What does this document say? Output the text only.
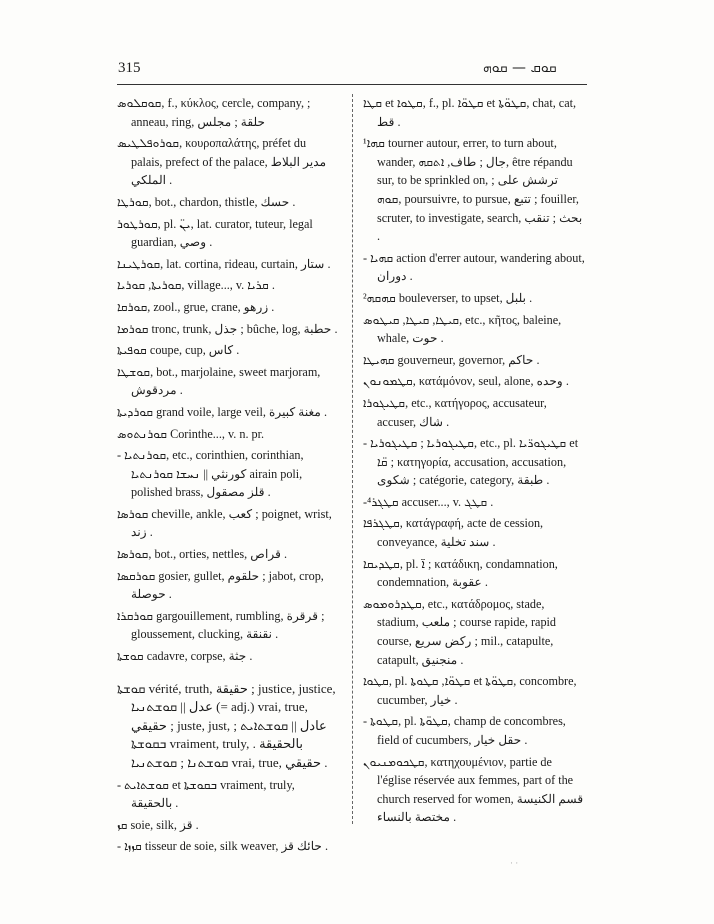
315	ܩܘܩ — ܩܘܗ

ܩܘܩܠܘܣ, f., κύκλος, cercle, company, ; anneau, ring, حلقة ; مجلس

ܩܘܪܘܦܠܛܝܣ, κουροπαλάτης, préfet du palais, prefect of the palace, مدير البلاط الملكي .

ܩܘܪܛܐ, bot., chardon, thistle, حسك .

ܩܘܪܛܘܪ, pl. ܝܢ̈, lat. curator, tuteur, legal guardian, وصي .

ܩܘܪܛܝܢܐ, lat. cortina, rideau, curtain, ستار .

ܩܘܪܝܬܐ, ܩܘܪܝܐ, village..., v. ܩܪܝܐ .

ܩܘܪܩܐ, zool., grue, crane, زرهو .

ܩܘܪܡܐ tronc, trunk, جذل ; bûche, log, حطبة .

ܩܘܦܝܬܐ coupe, cup, كاس .

ܩܘܫܛܐ, bot., marjolaine, sweet marjoram, مردقوش .

ܩܘܪܕܝܬܐ grand voile, large veil, مغنة كبيرة .

ܩܘܪܢܬܘܣ Corinthe..., v. n. pr.

- ܩܘܪܢܬܝܐ, etc., corinthien, corinthian, كورنثي || ܢܚܫܐ ܩܘܪܢܬܝܐ airain poli, polished brass, قلز مصقول .

ܩܘܪܣܐ cheville, ankle, كعب ; poignet, wrist, زند .

ܩܘܪܣܐ, bot., orties, nettles, قراص .

ܩܘܪܩܣܐ gosier, gullet, حلقوم ; jabot, crop, حوصلة .

ܩܘܪܩܪܐ gargouillement, rumbling, قرقرة ; gloussement, clucking, نقنقة .

ܩܘܫܬܐ cadavre, corpse, جثة .

ܩܘܫܬܐ vérité, truth, حقيقة ; justice, justice, عدل || ܩܘܫܬܢܝܐ (= adj.) vrai, true, حقيقي ; juste, just, عادل || ܩܘܫܬܐܝܬ ; ܒܩܘܫܬܐ vraiment, truly, بالحقيقة . ܩܘܫܬܢܐ ; ܩܘܫܬܢܝܐ vrai, true, حقيقي .

- ܩܘܫܬܐܝܬ et ܒܩܘܫܬܐ vraiment, truly, بالحقيقة .

ܩܙ soie, silk, قز .

- ܩܙܙܐ tisseur de soie, silk weaver, حائك قز .

ܩܛܐ et ܩܛܘܐ, f., pl. ܩܛܘ̈ܐ et ܩܛܘ̈ܬܐ, chat, cat, قط .

¹ܩܗܐ tourner autour, errer, to turn about, wander, جال ; طاف, ܐܬܩܗ, être répandu sur, to be sprinkled on, ترشش على ; ܩܘܗ, poursuivre, to pursue, تتبع ; fouiller, scruter, to investigate, search, بحث ; تنقب .

- ܩܗܝܐ action d'errer autour, wandering about, دوران .

²ܩܗܩܗ bouleverser, to upset, بلبل .

ܩܝܛܐ, ܩܝܛܐ, ܩܝܛܘܣ, etc., κῆτος, baleine, whale, حوت .

ܩܗܝܛܐ gouverneur, governor, حاكم .

ܩܛܡܘܢܘܢ, κατάμόνον, seul, alone, وحده .

ܩܛܝܓܘܪܐ, etc., κατήγορος, accusateur, accuser, شاك .

- ܩܛܝܓܘܪܝܐ ; ܩܛܝܓܘܪܝܐ, etc., pl. ܩܛܝܓܘܪ̈ܝܐ et ܩ̈ܐ ; κατηγορία, accusation, accusation, شكوى ; catégorie, category, طبقة .

-⁴ܩܛܓܪ accuser..., v. ܩܛܓ .

ܩܛܓܪܦܐ, κατάγραφή, acte de cession, conveyance, سند تخلية .

ܩܛܕܝܩܐ, pl. ܐ̈ ; κατάδικη, condamnation, condemnation, عقوبة .

ܩܛܕܪܘܡܘܣ, etc., κατάδρομος, stade, stadium, ملعب ; course rapide, rapid course, ركض سريع ; mil., catapulte, catapult, منجنيق .

ܩܛܘܐ, pl. ܩܛܘ̈ܐ, ܩܛܘܬܐ et ܩܛܘ̈ܬܐ, concombre, cucumber, خيار .

- ܩܛܘܬܐ, pl. ܩܛܘ̈ܬܐ, champ de concombres, field of cucumbers, حقل خيار .

ܩܛܟܘܡܢܝܘܢ, κατηχουμένιον, partie de l'église réservée aux femmes, part of the church reserved for women, قسم الكنيسة مختصة بالنساء .

· ·
